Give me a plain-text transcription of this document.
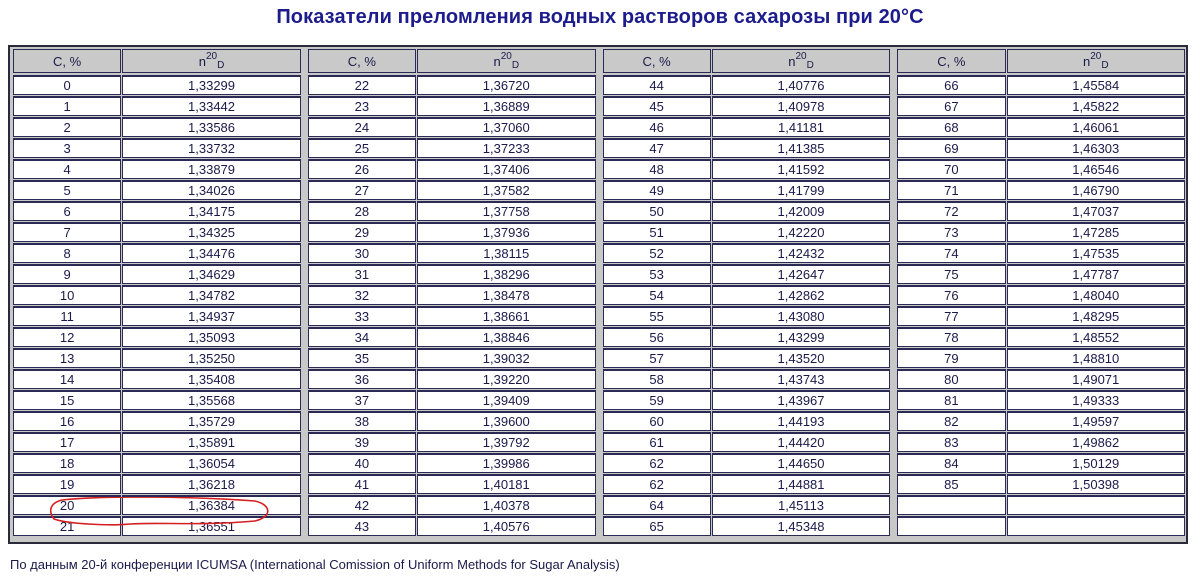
Показатели преломления водных растворов сахарозы при 20°C
C, %	n 20
D
0	1,33299
1	1,33442
2	1,33586
3	1,33732
4	1,33879
5	1,34026
6	1,34175
7	1,34325
8	1,34476
9	1,34629
10	1,34782
11	1,34937
12	1,35093
13	1,35250
14	1,35408
15	1,35568
16	1,35729
17	1,35891
18	1,36054
19	1,36218
20	1,36384
21	1,36551
C, %	n 20
D
22	1,36720
23	1,36889
24	1,37060
25	1,37233
26	1,37406
27	1,37582
28	1,37758
29	1,37936
30	1,38115
31	1,38296
32	1,38478
33	1,38661
34	1,38846
35	1,39032
36	1,39220
37	1,39409
38	1,39600
39	1,39792
40	1,39986
41	1,40181
42	1,40378
43	1,40576
C, %	n 20
D
44	1,40776
45	1,40978
46	1,41181
47	1,41385
48	1,41592
49	1,41799
50	1,42009
51	1,42220
52	1,42432
53	1,42647
54	1,42862
55	1,43080
56	1,43299
57	1,43520
58	1,43743
59	1,43967
60	1,44193
61	1,44420
62	1,44650
62	1,44881
64	1,45113
65	1,45348
C, %	n 20
D
66	1,45584
67	1,45822
68	1,46061
69	1,46303
70	1,46546
71	1,46790
72	1,47037
73	1,47285
74	1,47535
75	1,47787
76	1,48040
77	1,48295
78	1,48552
79	1,48810
80	1,49071
81	1,49333
82	1,49597
83	1,49862
84	1,50129
85	1,50398
По данным 20-й конференции ICUMSA (International Comission of Uniform Methods for Sugar Analysis)
